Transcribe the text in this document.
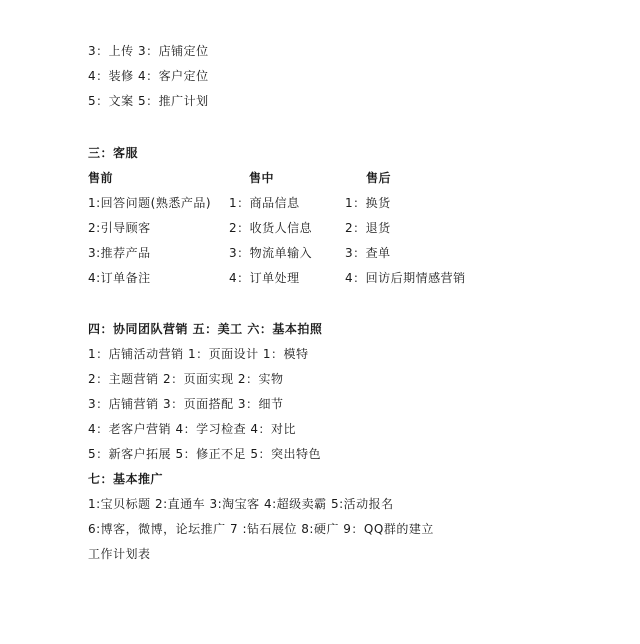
3：上传 3：店铺定位
4：装修 4：客户定位
5：文案 5：推广计划
三：客服
售前	售中	售后
1:回答问题(熟悉产品)
2:引导顾客
3:推荐产品
4:订单备注
1：商品信息
2：收货人信息
3：物流单输入
4：订单处理
1：换货
2：退货
3：查单
4：回访后期情感营销
四：协同团队营销 五：美工 六：基本拍照
1：店铺活动营销 1：页面设计 1：模特
2：主题营销 2：页面实现 2：实物
3：店铺营销 3：页面搭配 3：细节
4：老客户营销 4：学习检查 4：对比
5：新客户拓展 5：修正不足 5：突出特色
七：基本推广
1:宝贝标题 2:直通车 3:淘宝客 4:超级卖霸 5:活动报名
6:博客，微博，论坛推广 7 :钻石展位 8:硬广 9：QQ群的建立
工作计划表
